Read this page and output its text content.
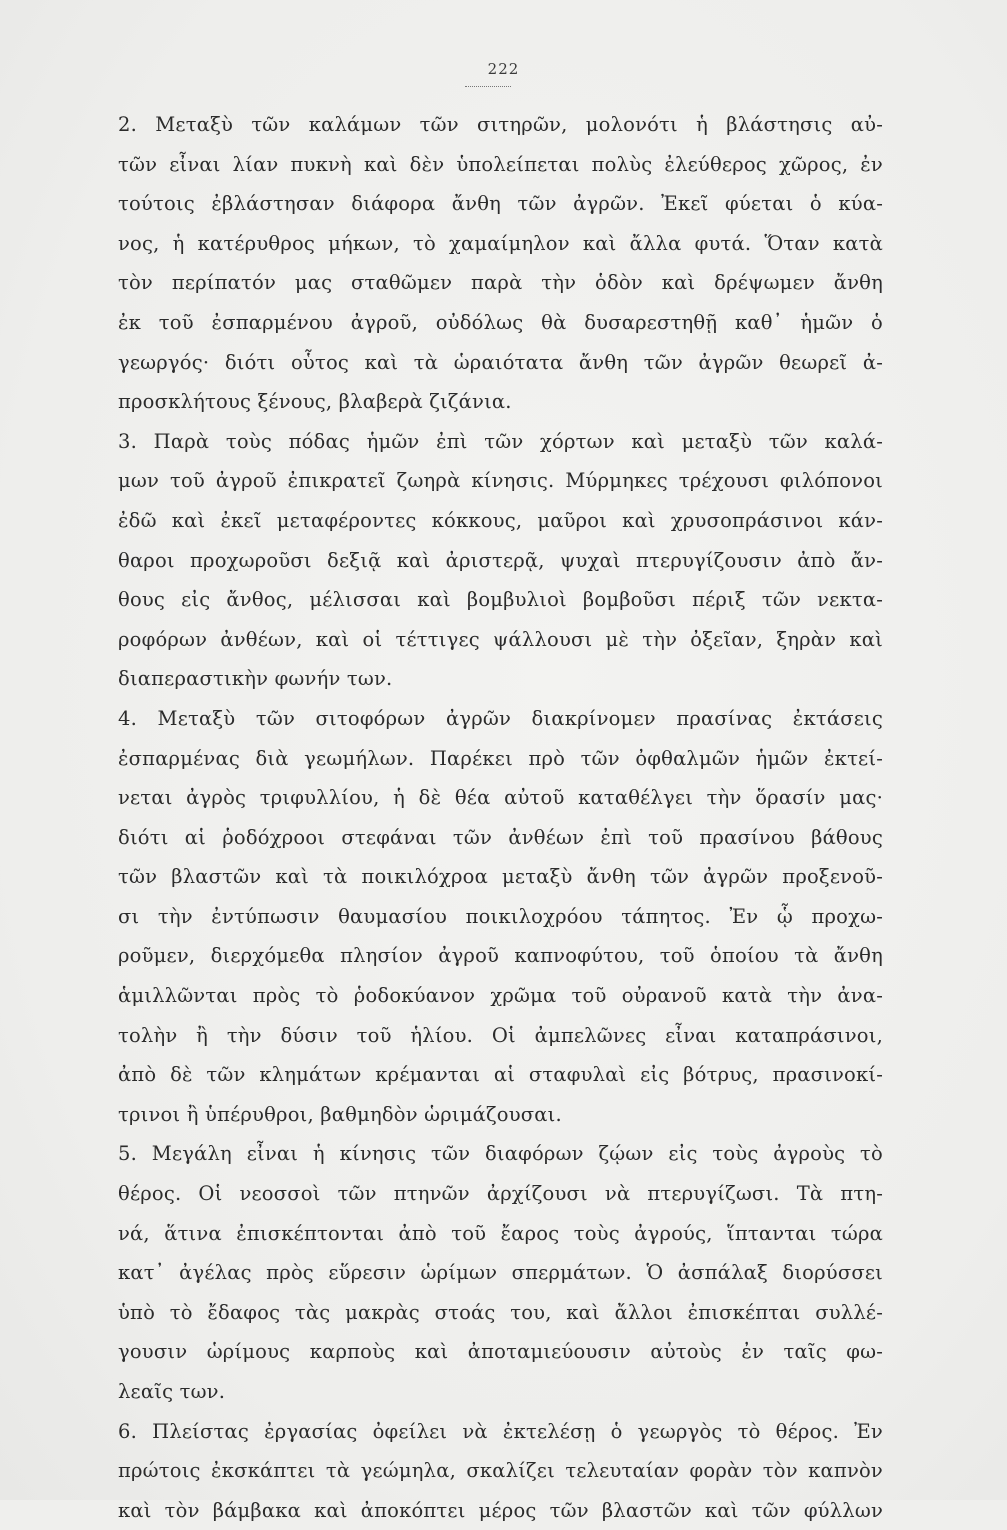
222
2. Μεταξὺ τῶν καλάμων τῶν σιτηρῶν, μολονότι ἡ βλάστησις αὐ-
τῶν εἶναι λίαν πυκνὴ καὶ δὲν ὑπολείπεται πολὺς ἐλεύθερος χῶρος, ἐν
τούτοις ἐβλάστησαν διάφορα ἄνθη τῶν ἀγρῶν. Ἐκεῖ φύεται ὁ κύα-
νος, ἡ κατέρυθρος μήκων, τὸ χαμαίμηλον καὶ ἄλλα φυτά. Ὅταν κατὰ
τὸν περίπατόν μας σταθῶμεν παρὰ τὴν ὁδὸν καὶ δρέψωμεν ἄνθη
ἐκ τοῦ ἐσπαρμένου ἀγροῦ, οὐδόλως θὰ δυσαρεστηθῇ καθ᾽ ἡμῶν ὁ
γεωργός· διότι οὗτος καὶ τὰ ὡραιότατα ἄνθη τῶν ἀγρῶν θεωρεῖ ἀ-
προσκλήτους ξένους, βλαβερὰ ζιζάνια.
3. Παρὰ τοὺς πόδας ἡμῶν ἐπὶ τῶν χόρτων καὶ μεταξὺ τῶν καλά-
μων τοῦ ἀγροῦ ἐπικρατεῖ ζωηρὰ κίνησις. Μύρμηκες τρέχουσι φιλόπονοι
ἐδῶ καὶ ἐκεῖ μεταφέροντες κόκκους, μαῦροι καὶ χρυσοπράσινοι κάν-
θαροι προχωροῦσι δεξιᾷ καὶ ἀριστερᾷ, ψυχαὶ πτερυγίζουσιν ἀπὸ ἄν-
θους εἰς ἄνθος, μέλισσαι καὶ βομβυλιοὶ βομβοῦσι πέριξ τῶν νεκτα-
ροφόρων ἀνθέων, καὶ οἱ τέττιγες ψάλλουσι μὲ τὴν ὀξεῖαν, ξηρὰν καὶ
διαπεραστικὴν φωνήν των.
4. Μεταξὺ τῶν σιτοφόρων ἀγρῶν διακρίνομεν πρασίνας ἐκτάσεις
ἐσπαρμένας διὰ γεωμήλων. Παρέκει πρὸ τῶν ὀφθαλμῶν ἡμῶν ἐκτεί-
νεται ἀγρὸς τριφυλλίου, ἡ δὲ θέα αὐτοῦ καταθέλγει τὴν ὅρασίν μας·
διότι αἱ ῥοδόχροοι στεφάναι τῶν ἀνθέων ἐπὶ τοῦ πρασίνου βάθους
τῶν βλαστῶν καὶ τὰ ποικιλόχροα μεταξὺ ἄνθη τῶν ἀγρῶν προξενοῦ-
σι τὴν ἐντύπωσιν θαυμασίου ποικιλοχρόου τάπητος. Ἐν ᾧ προχω-
ροῦμεν, διερχόμεθα πλησίον ἀγροῦ καπνοφύτου, τοῦ ὁποίου τὰ ἄνθη
ἁμιλλῶνται πρὸς τὸ ῥοδοκύανον χρῶμα τοῦ οὐρανοῦ κατὰ τὴν ἀνα-
τολὴν ἢ τὴν δύσιν τοῦ ἡλίου. Οἱ ἀμπελῶνες εἶναι καταπράσινοι,
ἀπὸ δὲ τῶν κλημάτων κρέμανται αἱ σταφυλαὶ εἰς βότρυς, πρασινοκί-
τρινοι ἢ ὑπέρυθροι, βαθμηδὸν ὡριμάζουσαι.
5. Μεγάλη εἶναι ἡ κίνησις τῶν διαφόρων ζῴων εἰς τοὺς ἀγροὺς τὸ
θέρος. Οἱ νεοσσοὶ τῶν πτηνῶν ἀρχίζουσι νὰ πτερυγίζωσι. Τὰ πτη-
νά, ἅτινα ἐπισκέπτονται ἀπὸ τοῦ ἔαρος τοὺς ἀγρούς, ἵπτανται τώρα
κατ᾽ ἀγέλας πρὸς εὕρεσιν ὡρίμων σπερμάτων. Ὁ ἀσπάλαξ διορύσσει
ὑπὸ τὸ ἔδαφος τὰς μακρὰς στοάς του, καὶ ἄλλοι ἐπισκέπται συλλέ-
γουσιν ὡρίμους καρποὺς καὶ ἀποταμιεύουσιν αὐτοὺς ἐν ταῖς φω-
λεαῖς των.
6. Πλείστας ἐργασίας ὀφείλει νὰ ἐκτελέσῃ ὁ γεωργὸς τὸ θέρος. Ἐν
πρώτοις ἐκσκάπτει τὰ γεώμηλα, σκαλίζει τελευταίαν φορὰν τὸν καπνὸν
καὶ τὸν βάμβακα καὶ ἀποκόπτει μέρος τῶν βλαστῶν καὶ τῶν φύλλων
